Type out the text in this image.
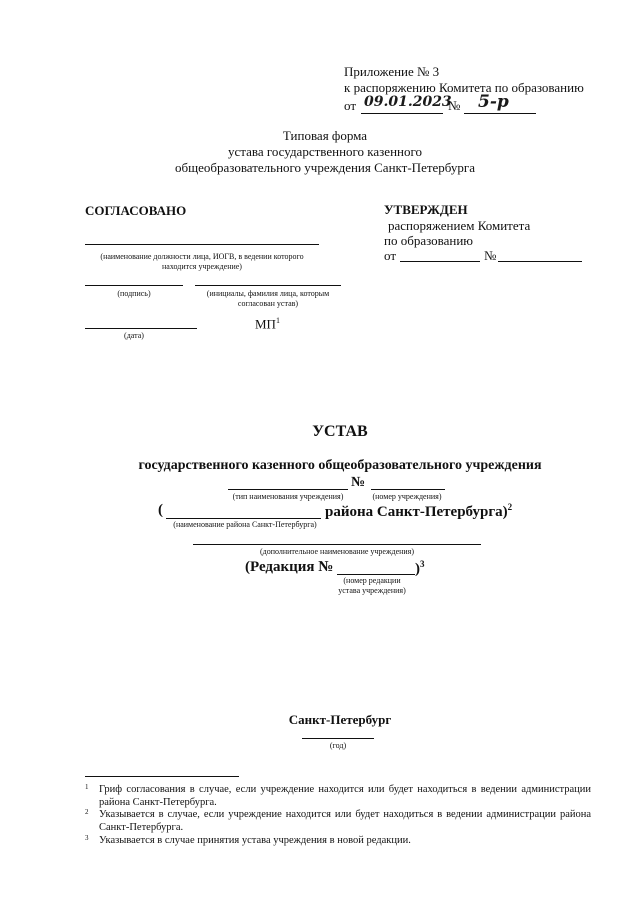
Приложение № 3
к распоряжению Комитета по образованию
от 09.01.2023
№ 5-р
Типовая форма
устава государственного казенного
общеобразовательного учреждения Санкт-Петербурга
СОГЛАСОВАНО
(наименование должности лица, ИОГВ, в ведении которого
находится учреждение)
(подпись)	(инициалы, фамилия лица, которым
согласован устав)
$МП^1$
(дата)
УТВЕРЖДЕН
распоряжением Комитета
по образованию
от	№
УСТАВ
государственного казенного общеобразовательного учреждения
№
(тип наименования учреждения)	(номер учреждения)
(	района Санкт-Петербурга)$^2$
(наименование района Санкт-Петербурга)
(дополнительное наименование учреждения)
(Редакция №	)$^3$
(номер редакции
устава учреждения)
Санкт-Петербург
(год)
1 Гриф согласования в случае, если учреждение находится или будет находиться в ведении администрации района Санкт-Петербурга.
2 Указывается в случае, если учреждение находится или будет находиться в ведении администрации района Санкт-Петербурга.
3 Указывается в случае принятия устава учреждения в новой редакции.
